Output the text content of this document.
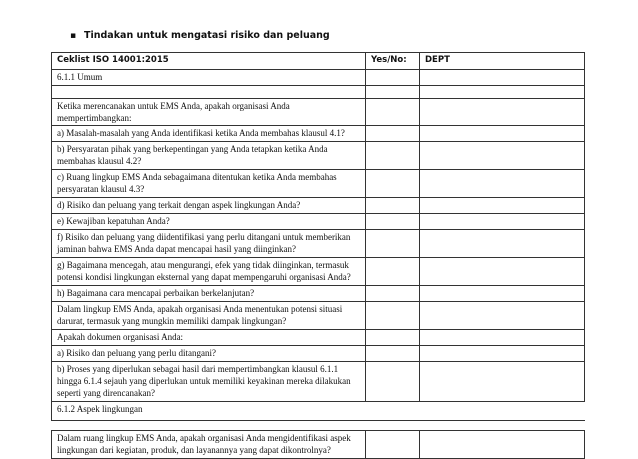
▪ Tindakan untuk mengatasi risiko dan peluang
Ceklist ISO 14001:2015	Yes/No:	DEPT
6.1.1 Umum		

Ketika merencanakan untuk EMS Anda, apakah organisasi Anda mempertimbangkan:		
a) Masalah-masalah yang Anda identifikasi ketika Anda membahas klausul 4.1?		
b) Persyaratan pihak yang berkepentingan yang Anda tetapkan ketika Anda membahas klausul 4.2?		
c) Ruang lingkup EMS Anda sebagaimana ditentukan ketika Anda membahas persyaratan klausul 4.3?		
d) Risiko dan peluang yang terkait dengan aspek lingkungan Anda?		
e) Kewajiban kepatuhan Anda?		
f) Risiko dan peluang yang diidentifikasi yang perlu ditangani untuk memberikan jaminan bahwa EMS Anda dapat mencapai hasil yang diinginkan?		
g) Bagaimana mencegah, atau mengurangi, efek yang tidak diinginkan, termasuk potensi kondisi lingkungan eksternal yang dapat mempengaruhi organisasi Anda?		
h) Bagaimana cara mencapai perbaikan berkelanjutan?		
Dalam lingkup EMS Anda, apakah organisasi Anda menentukan potensi situasi darurat, termasuk yang mungkin memiliki dampak lingkungan?		
Apakah dokumen organisasi Anda:		
a) Risiko dan peluang yang perlu ditangani?		
b) Proses yang diperlukan sebagai hasil dari mempertimbangkan klausul 6.1.1 hingga 6.1.4 sejauh yang diperlukan untuk memiliki keyakinan mereka dilakukan seperti yang direncanakan?		
6.1.2 Aspek lingkungan		

Dalam ruang lingkup EMS Anda, apakah organisasi Anda mengidentifikasi aspek lingkungan dari kegiatan, produk, dan layanannya yang dapat dikontrolnya?		
